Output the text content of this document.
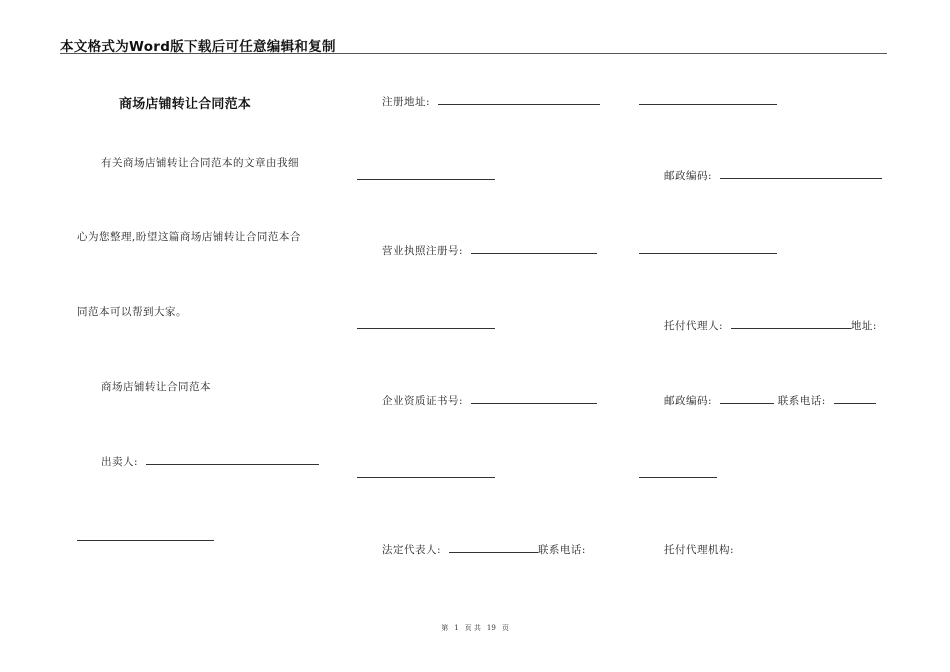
本文格式为Word版下载后可任意编辑和复制
商场店铺转让合同范本
有关商场店铺转让合同范本的文章由我细
心为您整理,盼望这篇商场店铺转让合同范本合
同范本可以帮到大家。
商场店铺转让合同范本
出卖人:
注册地址:
营业执照注册号:
企业资质证书号:
法定代表人:	联系电话:
邮政编码:
托付代理人:	地址:
邮政编码:	联系电话:
托付代理机构:
第 1 页 共 19 页
